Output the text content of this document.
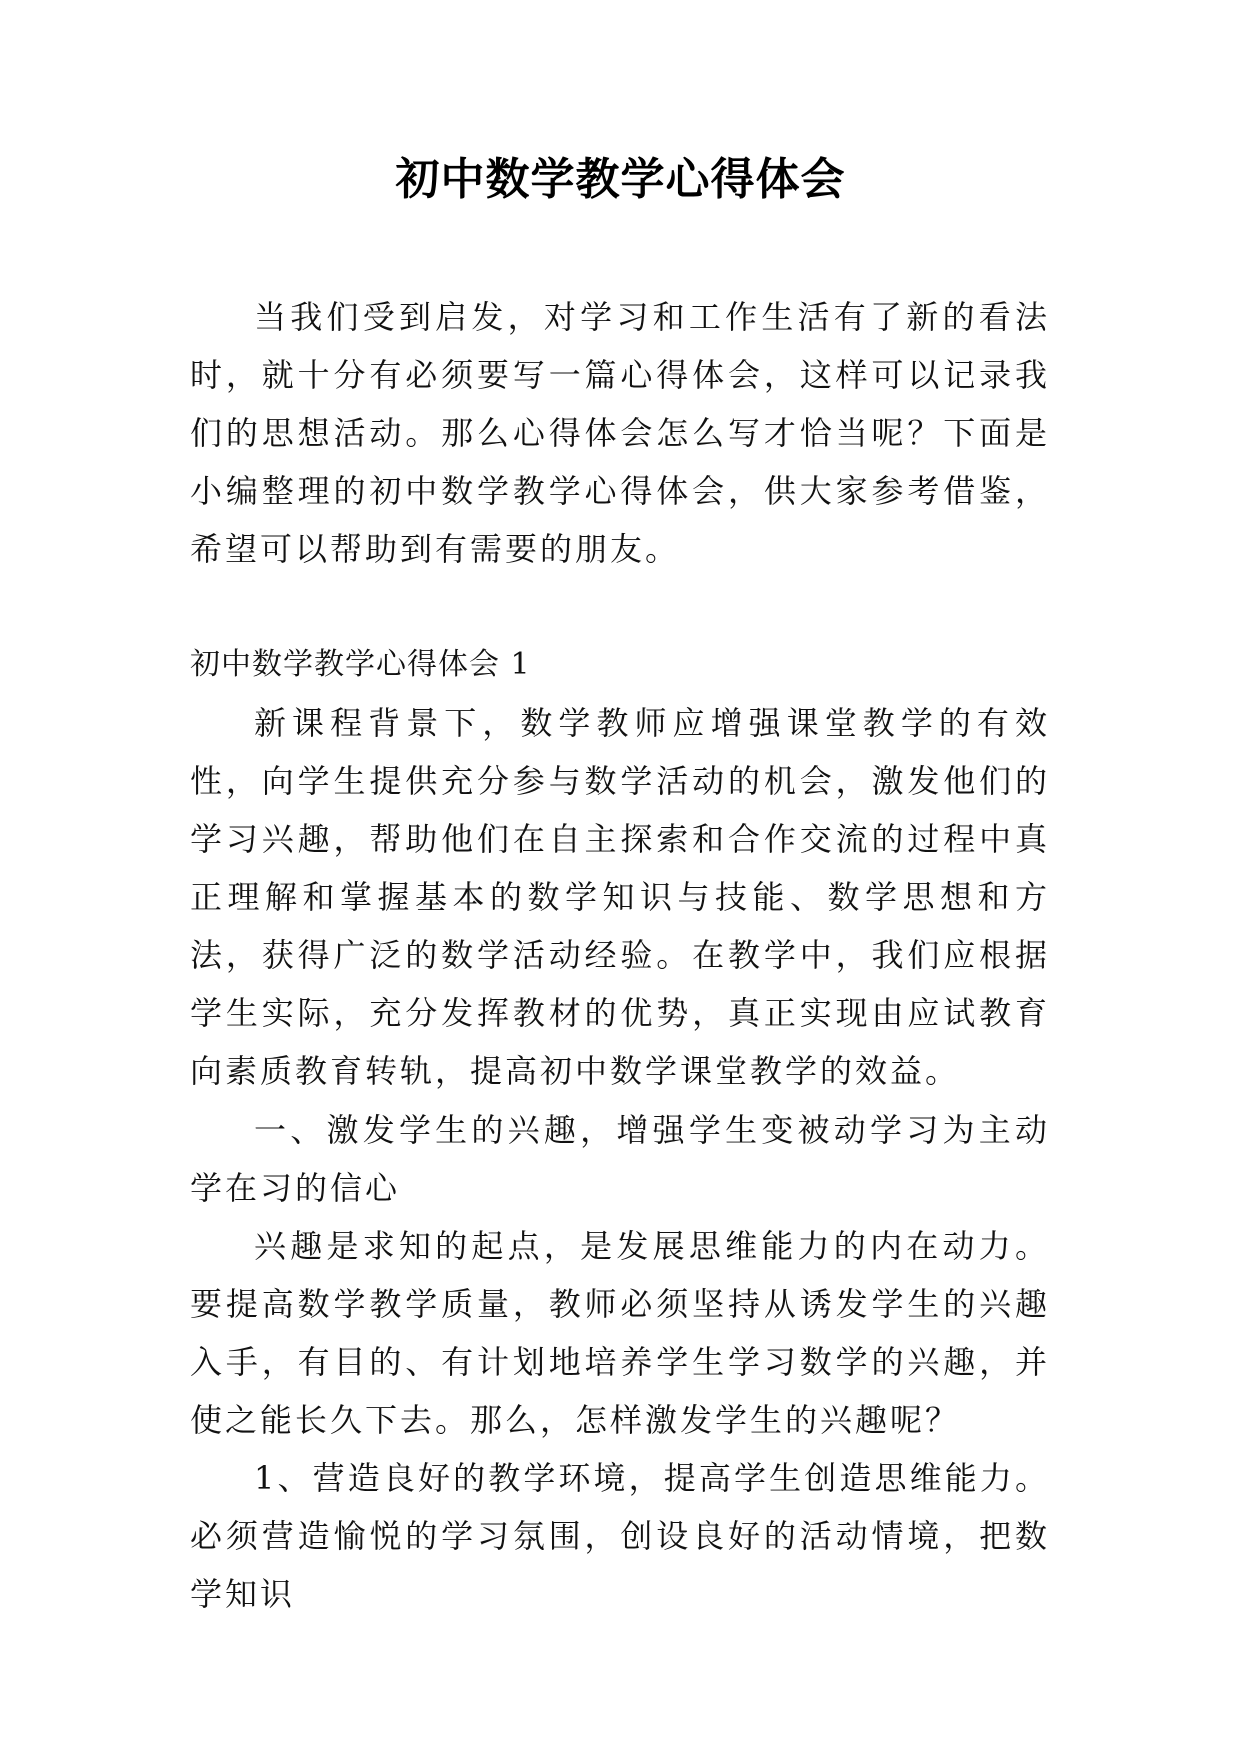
初中数学教学心得体会

当我们受到启发，对学习和工作生活有了新的看法时，就十分有必须要写一篇心得体会，这样可以记录我们的思想活动。那么心得体会怎么写才恰当呢？下面是小编整理的初中数学教学心得体会，供大家参考借鉴，希望可以帮助到有需要的朋友。

初中数学教学心得体会 1

新课程背景下，数学教师应增强课堂教学的有效性，向学生提供充分参与数学活动的机会，激发他们的学习兴趣，帮助他们在自主探索和合作交流的过程中真正理解和掌握基本的数学知识与技能、数学思想和方法，获得广泛的数学活动经验。在教学中，我们应根据学生实际，充分发挥教材的优势，真正实现由应试教育向素质教育转轨，提高初中数学课堂教学的效益。

一、激发学生的兴趣，增强学生变被动学习为主动学在习的信心

兴趣是求知的起点，是发展思维能力的内在动力。要提高数学教学质量，教师必须坚持从诱发学生的兴趣入手，有目的、有计划地培养学生学习数学的兴趣，并使之能长久下去。那么，怎样激发学生的兴趣呢？

1、营造良好的教学环境，提高学生创造思维能力。必须营造愉悦的学习氛围，创设良好的活动情境，把数学知识
